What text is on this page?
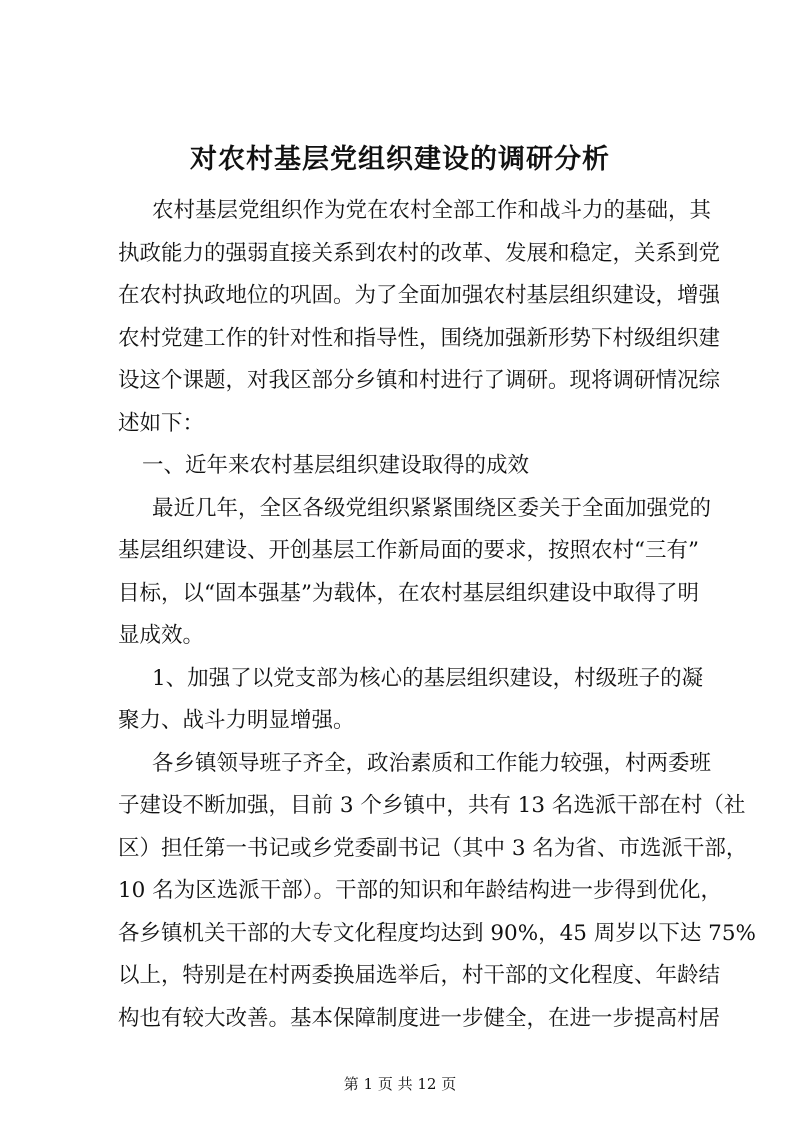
对农村基层党组织建设的调研分析
农村基层党组织作为党在农村全部工作和战斗力的基础，其
执政能力的强弱直接关系到农村的改革、发展和稳定，关系到党
在农村执政地位的巩固。为了全面加强农村基层组织建设，增强
农村党建工作的针对性和指导性，围绕加强新形势下村级组织建
设这个课题，对我区部分乡镇和村进行了调研。现将调研情况综
述如下：
一、近年来农村基层组织建设取得的成效
最近几年，全区各级党组织紧紧围绕区委关于全面加强党的
基层组织建设、开创基层工作新局面的要求，按照农村“三有”
目标，以“固本强基”为载体，在农村基层组织建设中取得了明
显成效。
1、加强了以党支部为核心的基层组织建设，村级班子的凝
聚力、战斗力明显增强。
各乡镇领导班子齐全，政治素质和工作能力较强，村两委班
子建设不断加强，目前 3 个乡镇中，共有 13 名选派干部在村（社
区）担任第一书记或乡党委副书记（其中 3 名为省、市选派干部，
10 名为区选派干部）。干部的知识和年龄结构进一步得到优化，
各乡镇机关干部的大专文化程度均达到 90%，45 周岁以下达 75%
以上，特别是在村两委换届选举后，村干部的文化程度、年龄结
构也有较大改善。基本保障制度进一步健全，在进一步提高村居
第 1 页 共 12 页
